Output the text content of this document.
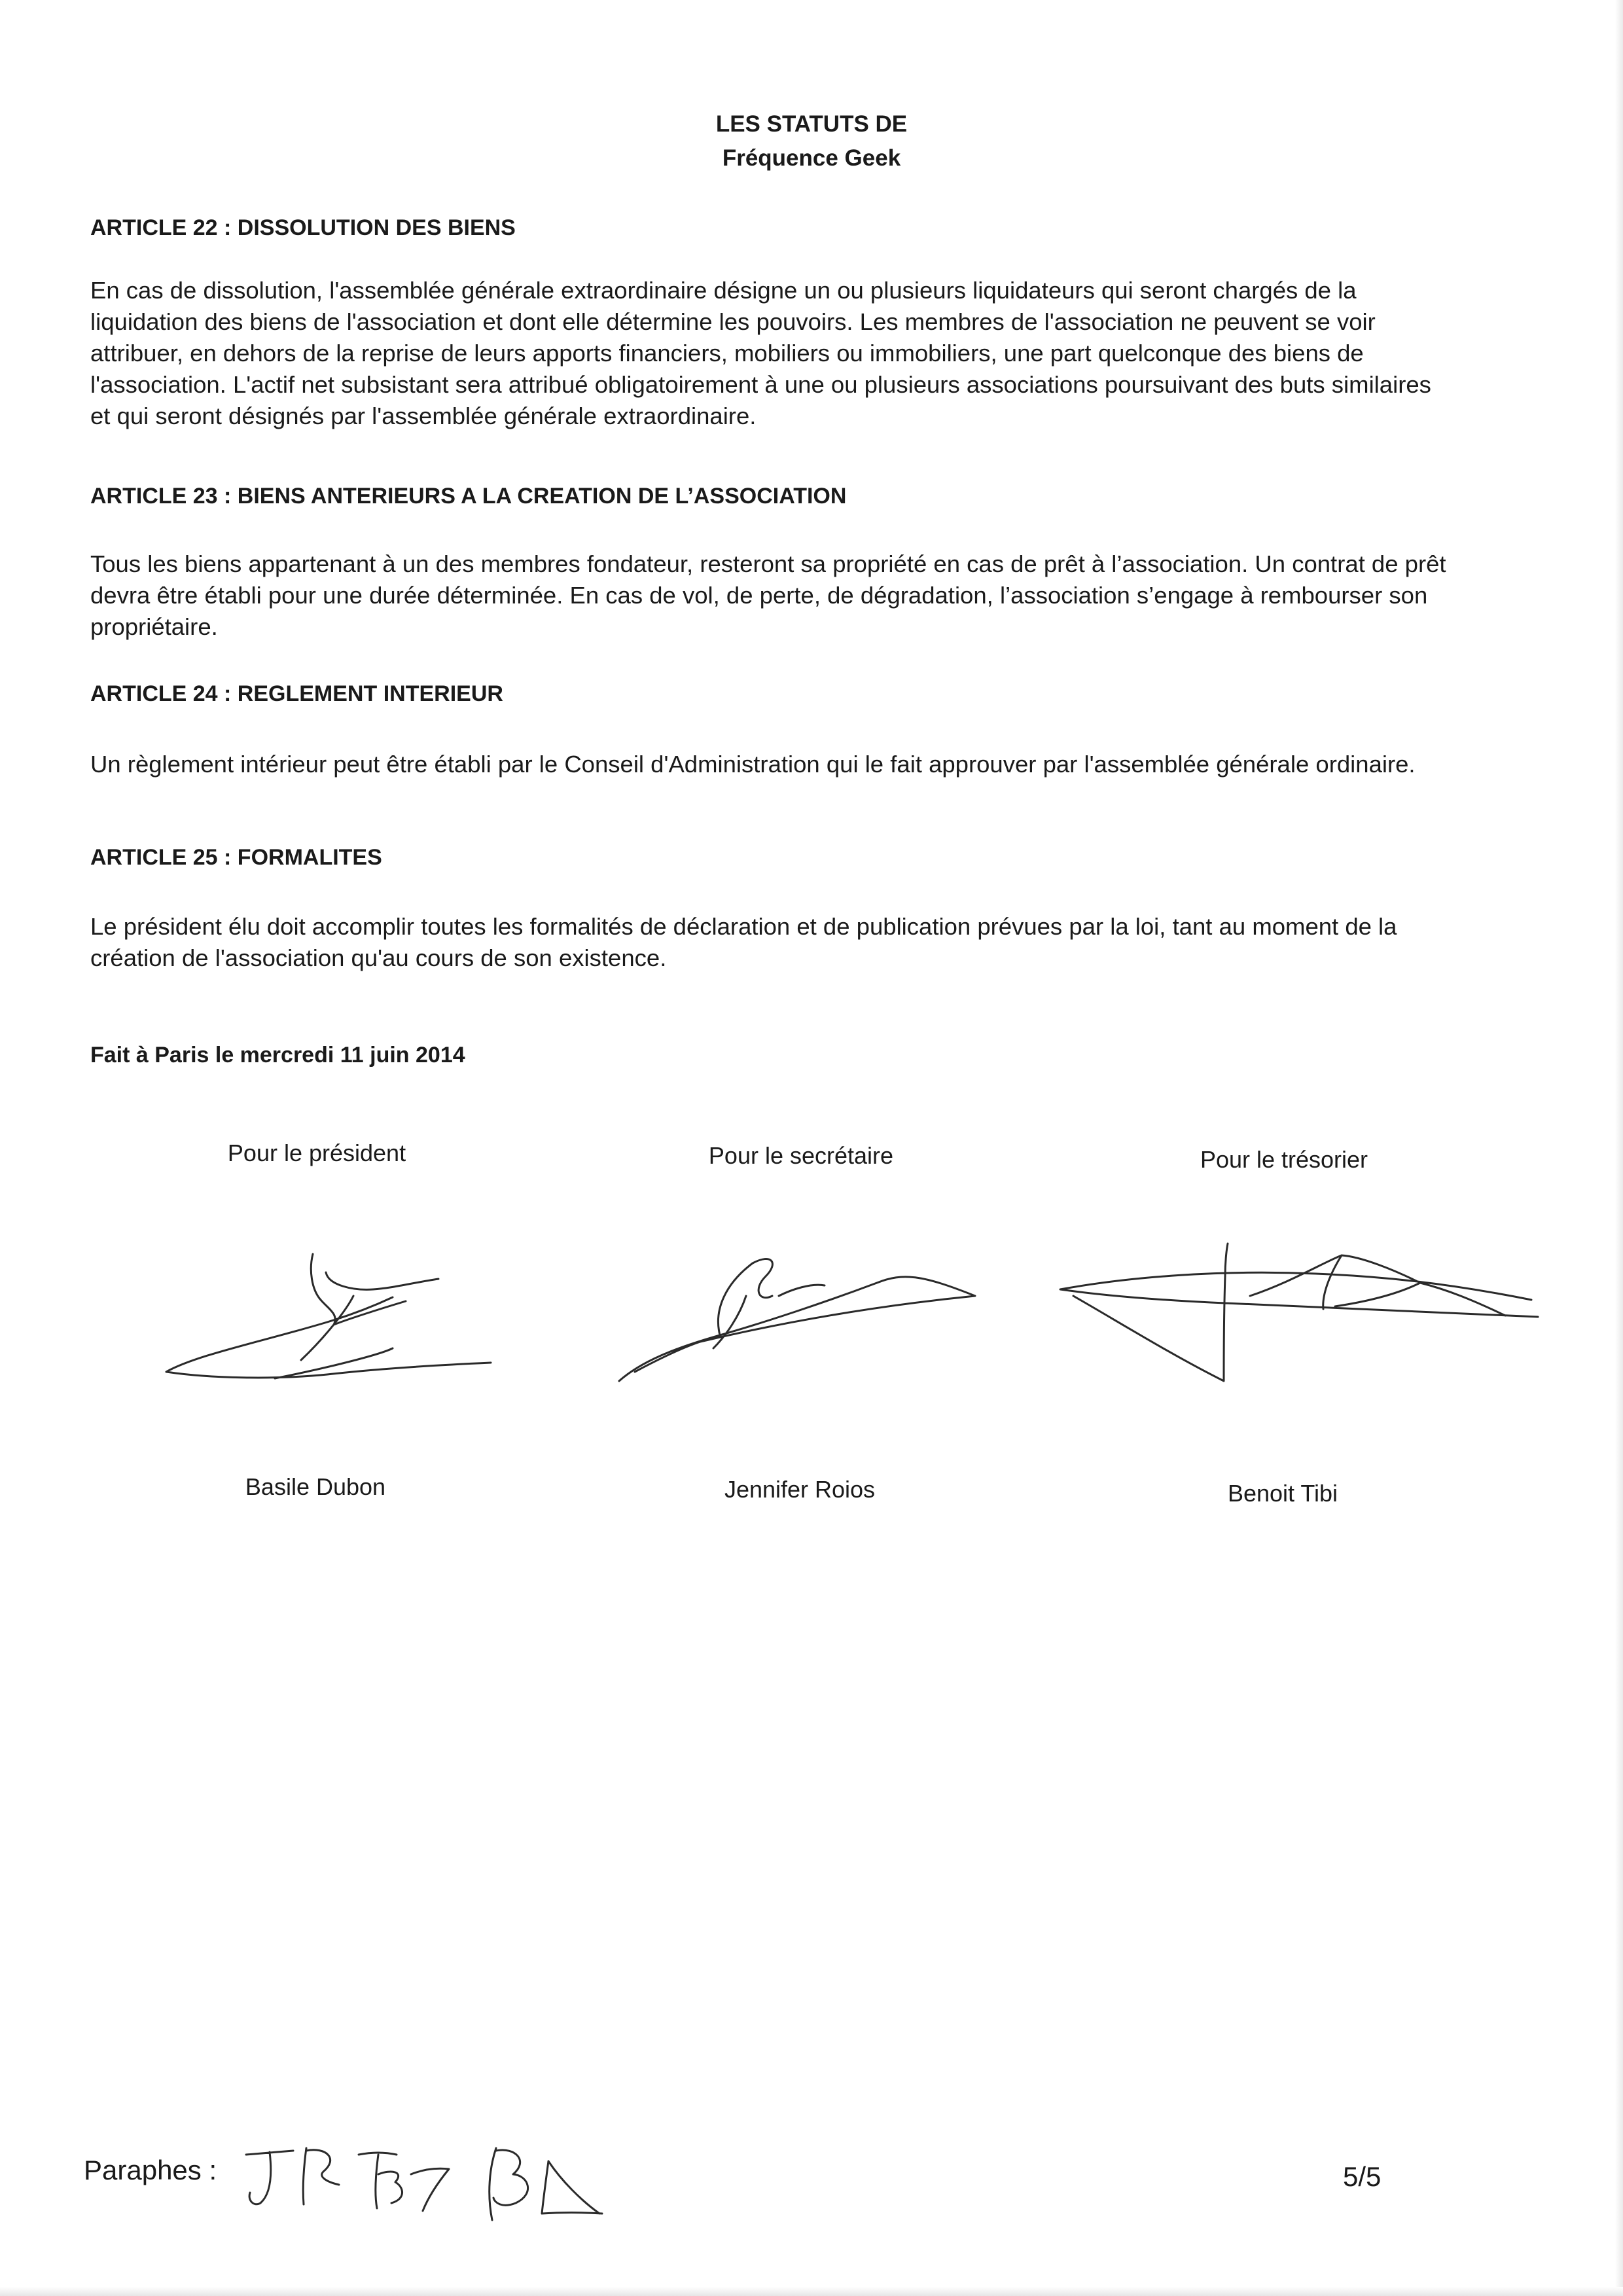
LES STATUTS DE
Fréquence Geek
ARTICLE 22 : DISSOLUTION DES BIENS
En cas de dissolution, l'assemblée générale extraordinaire désigne un ou plusieurs liquidateurs qui seront chargés de la
liquidation des biens de l'association et dont elle détermine les pouvoirs. Les membres de l'association ne peuvent se voir
attribuer, en dehors de la reprise de leurs apports financiers, mobiliers ou immobiliers, une part quelconque des biens de
l'association. L'actif net subsistant sera attribué obligatoirement à une ou plusieurs associations poursuivant des buts similaires
et qui seront désignés par l'assemblée générale extraordinaire.
ARTICLE 23 : BIENS ANTERIEURS A LA CREATION DE L’ASSOCIATION
Tous les biens appartenant à un des membres fondateur, resteront sa propriété en cas de prêt à l’association. Un contrat de prêt
devra être établi pour une durée déterminée. En cas de vol, de perte, de dégradation, l’association s’engage à rembourser son
propriétaire.
ARTICLE 24 : REGLEMENT INTERIEUR
Un règlement intérieur peut être établi par le Conseil d'Administration qui le fait approuver par l'assemblée générale ordinaire.
ARTICLE 25 : FORMALITES
Le président élu doit accomplir toutes les formalités de déclaration et de publication prévues par la loi, tant au moment de la
création de l'association qu'au cours de son existence.
Fait à Paris le mercredi 11 juin 2014
Pour le président	Pour le secrétaire	Pour le trésorier
Basile Dubon	Jennifer Roios	Benoit Tibi
Paraphes :	5/5
